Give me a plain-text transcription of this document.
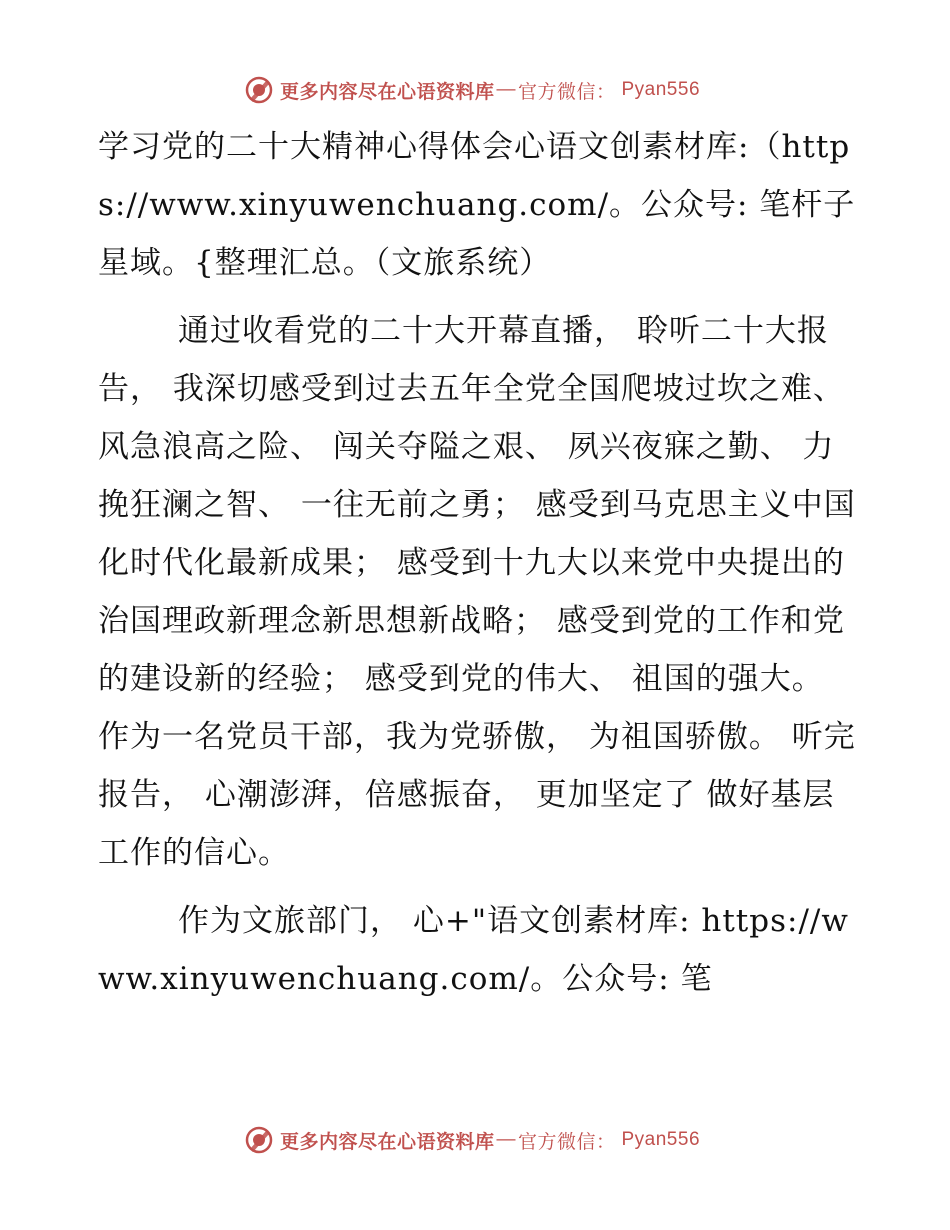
更多内容尽在心语资料库 — 官方微信： Pyan556

学习党的二十大精神心得体会心语文创素材库:（https://www.xinyuwenchuang.com/。公众号: 笔杆子星域。{整理汇总。（文旅系统）

通过收看党的二十大开幕直播， 聆听二十大报告， 我深切感受到过去五年全党全国爬坡过坎之难、 风急浪高之险、 闯关夺隘之艰、 夙兴夜寐之勤、 力挽狂澜之智、 一往无前之勇； 感受到马克思主义中国化时代化最新成果； 感受到十九大以来党中央提出的治国理政新理念新思想新战略； 感受到党的工作和党的建设新的经验； 感受到党的伟大、 祖国的强大。 作为一名党员干部，我为党骄傲， 为祖国骄傲。 听完报告， 心潮澎湃，倍感振奋， 更加坚定了 做好基层工作的信心。

作为文旅部门， 心+"语文创素材库: https://www.xinyuwenchuang.com/。公众号: 笔

更多内容尽在心语资料库 — 官方微信： Pyan556
